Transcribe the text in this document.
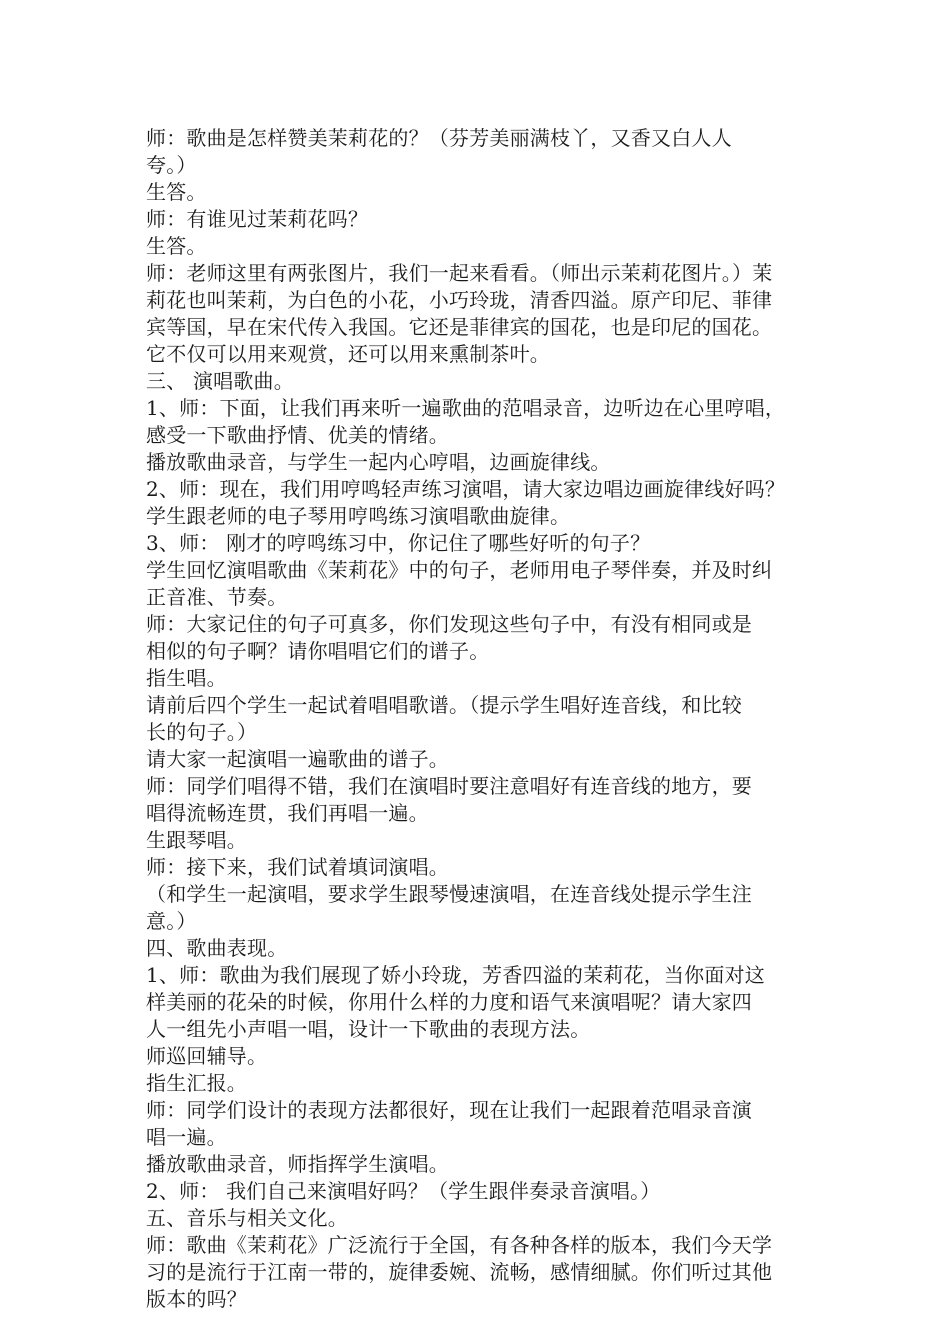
师：歌曲是怎样赞美茉莉花的？（芬芳美丽满枝丫，又香又白人人
夸。）
生答。
师：有谁见过茉莉花吗？
生答。
师：老师这里有两张图片，我们一起来看看。（师出示茉莉花图片。）茉
莉花也叫茉莉，为白色的小花，小巧玲珑，清香四溢。原产印尼、菲律
宾等国，早在宋代传入我国。它还是菲律宾的国花，也是印尼的国花。
它不仅可以用来观赏，还可以用来熏制茶叶。
三、 演唱歌曲。
1、师：下面，让我们再来听一遍歌曲的范唱录音，边听边在心里哼唱，
感受一下歌曲抒情、优美的情绪。
播放歌曲录音，与学生一起内心哼唱，边画旋律线。
2、师：现在，我们用哼鸣轻声练习演唱，请大家边唱边画旋律线好吗？
学生跟老师的电子琴用哼鸣练习演唱歌曲旋律。
3、师： 刚才的哼鸣练习中，你记住了哪些好听的句子？
学生回忆演唱歌曲《茉莉花》中的句子，老师用电子琴伴奏，并及时纠
正音准、节奏。
师：大家记住的句子可真多，你们发现这些句子中，有没有相同或是
相似的句子啊？请你唱唱它们的谱子。
指生唱。
请前后四个学生一起试着唱唱歌谱。（提示学生唱好连音线，和比较
长的句子。）
请大家一起演唱一遍歌曲的谱子。
师：同学们唱得不错，我们在演唱时要注意唱好有连音线的地方，要
唱得流畅连贯，我们再唱一遍。
生跟琴唱。
师：接下来，我们试着填词演唱。
（和学生一起演唱，要求学生跟琴慢速演唱，在连音线处提示学生注
意。）
四、歌曲表现。
1、师：歌曲为我们展现了娇小玲珑，芳香四溢的茉莉花，当你面对这
样美丽的花朵的时候，你用什么样的力度和语气来演唱呢？请大家四
人一组先小声唱一唱，设计一下歌曲的表现方法。
师巡回辅导。
指生汇报。
师：同学们设计的表现方法都很好，现在让我们一起跟着范唱录音演
唱一遍。
播放歌曲录音，师指挥学生演唱。
2、师： 我们自己来演唱好吗？（学生跟伴奏录音演唱。）
五、音乐与相关文化。
师：歌曲《茉莉花》广泛流行于全国，有各种各样的版本，我们今天学
习的是流行于江南一带的，旋律委婉、流畅，感情细腻。你们听过其他
版本的吗？
